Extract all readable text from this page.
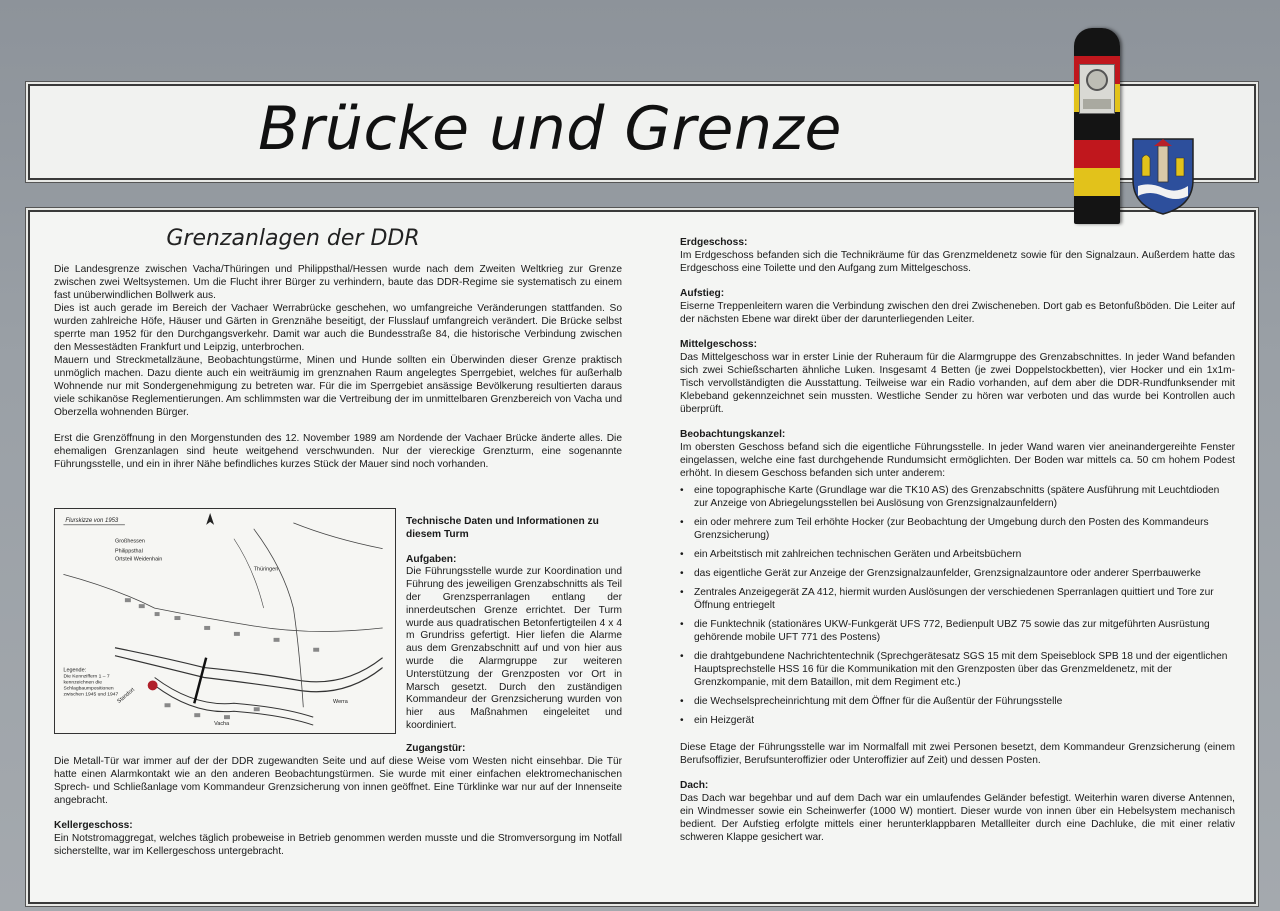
Brücke und Grenze
Grenzanlagen der DDR
Die Landesgrenze zwischen Vacha/Thüringen und Philippsthal/Hessen wurde nach dem Zweiten Weltkrieg zur Grenze zwischen zwei Weltsystemen. Um die Flucht ihrer Bürger zu verhindern, baute das DDR-Regime sie systematisch zu einem fast unüberwindlichen Bollwerk aus.
Dies ist auch gerade im Bereich der Vachaer Werrabrücke geschehen, wo umfangreiche Veränderungen stattfanden. So wurden zahlreiche Höfe, Häuser und Gärten in Grenznähe beseitigt, der Flusslauf umfangreich verändert. Die Brücke selbst sperrte man 1952 für den Durchgangsverkehr. Damit war auch die Bundesstraße 84, die historische Verbindung zwischen den Messestädten Frankfurt und Leipzig, unterbrochen.
Mauern und Streckmetallzäune, Beobachtungstürme, Minen und Hunde sollten ein Überwinden dieser Grenze praktisch unmöglich machen. Dazu diente auch ein weiträumig im grenznahen Raum angelegtes Sperrgebiet, welches für außerhalb Wohnende nur mit Sondergenehmigung zu betreten war. Für die im Sperrgebiet ansässige Bevölkerung resultierten daraus viele schikanöse Reglementierungen. Am schlimmsten war die Vertreibung der im unmittelbaren Grenzbereich von Vacha und Oberzella wohnenden Bürger.
Erst die Grenzöffnung in den Morgenstunden des 12. November 1989 am Nordende der Vachaer Brücke änderte alles. Die ehemaligen Grenzanlagen sind heute weitgehend verschwunden. Nur der viereckige Grenzturm, eine sogenannte Führungsstelle, und ein in ihrer Nähe befindliches kurzes Stück der Mauer sind noch vorhanden.
Flurskizze von 1953
Großhessen
Philippsthal
Ortsteil Weidenhain
Thüringen
Vacha
Werra
Standort
Legende:
Die Kennziffern 1 – 7 kennzeichnen die Schlagbaumpositionen zwischen 1945 und 1947
Technische Daten und Informationen zu diesem Turm
Aufgaben:
Die Führungsstelle wurde zur Koordination und Führung des jeweiligen Grenzabschnitts als Teil der Grenzsperranlagen entlang der innerdeutschen Grenze errichtet. Der Turm wurde aus quadratischen Betonfertigteilen 4 x 4 m Grundriss gefertigt. Hier liefen die Alarme aus dem Grenzabschnitt auf und von hier aus wurde die Alarmgruppe zur weiteren Unterstützung der Grenzposten vor Ort in Marsch gesetzt. Durch den zuständigen Kommandeur der Grenzsicherung wurden von hier aus Maßnahmen eingeleitet und koordiniert.
Zugangstür:
Die Metall-Tür war immer auf der der DDR zugewandten Seite und auf diese Weise vom Westen nicht einsehbar. Die Tür hatte einen Alarmkontakt wie an den anderen Beobachtungstürmen. Sie wurde mit einer einfachen elektromechanischen Sprech- und Schließanlage vom Kommandeur Grenzsicherung von innen geöffnet. Eine Türklinke war nur auf der Innenseite angebracht.
Kellergeschoss:
Ein Notstromaggregat, welches täglich probeweise in Betrieb genommen werden musste und die Stromversorgung im Notfall sicherstellte, war im Kellergeschoss untergebracht.
Erdgeschoss:
Im Erdgeschoss befanden sich die Technikräume für das Grenzmeldenetz sowie für den Signalzaun. Außerdem hatte das Erdgeschoss eine Toilette und den Aufgang zum Mittelgeschoss.
Aufstieg:
Eiserne Treppenleitern waren die Verbindung zwischen den drei Zwischeneben. Dort gab es Betonfußböden. Die Leiter auf der nächsten Ebene war direkt über der darunterliegenden Leiter.
Mittelgeschoss:
Das Mittelgeschoss war in erster Linie der Ruheraum für die Alarmgruppe des Grenzabschnittes. In jeder Wand befanden sich zwei Schießscharten ähnliche Luken. Insgesamt 4 Betten (je zwei Doppelstockbetten), vier Hocker und ein 1x1m-Tisch vervollständigten die Ausstattung. Teilweise war ein Radio vorhanden, auf dem aber die DDR-Rundfunksender mit Klebeband gekennzeichnet sein mussten. Westliche Sender zu hören war verboten und das wurde bei Kontrollen auch überprüft.
Beobachtungskanzel:
Im obersten Geschoss befand sich die eigentliche Führungsstelle. In jeder Wand waren vier aneinandergereihte Fenster eingelassen, welche eine fast durchgehende Rundumsicht ermöglichten. Der Boden war mittels ca. 50 cm hohem Podest erhöht. In diesem Geschoss befanden sich unter anderem:
• eine topographische Karte (Grundlage war die TK10 AS) des Grenzabschnitts (spätere Ausführung mit Leuchtdioden zur Anzeige von Abriegelungsstellen bei Auslösung von Grenzsignalzaunfeldern)
• ein oder mehrere zum Teil erhöhte Hocker (zur Beobachtung der Umgebung durch den Posten des Kommandeurs Grenzsicherung)
• ein Arbeitstisch mit zahlreichen technischen Geräten und Arbeitsbüchern
• das eigentliche Gerät zur Anzeige der Grenzsignalzaunfelder, Grenzsignalzauntore oder anderer Sperrbauwerke
• Zentrales Anzeigegerät ZA 412, hiermit wurden Auslösungen der verschiedenen Sperranlagen quittiert und Tore zur Öffnung entriegelt
• die Funktechnik (stationäres UKW-Funkgerät UFS 772, Bedienpult UBZ 75 sowie das zur mitgeführten Ausrüstung gehörende mobile UFT 771 des Postens)
• die drahtgebundene Nachrichtentechnik (Sprechgerätesatz SGS 15 mit dem Speiseblock SPB 18 und der eigentlichen Hauptsprechstelle HSS 16 für die Kommunikation mit den Grenzposten über das Grenzmeldenetz, mit der Grenzkompanie, mit dem Bataillon, mit dem Regiment etc.)
• die Wechselsprecheinrichtung mit dem Öffner für die Außentür der Führungsstelle
• ein Heizgerät
Diese Etage der Führungsstelle war im Normalfall mit zwei Personen besetzt, dem Kommandeur Grenzsicherung (einem Berufsoffizier, Berufsunteroffizier oder Unteroffizier auf Zeit) und dessen Posten.
Dach:
Das Dach war begehbar und auf dem Dach war ein umlaufendes Geländer befestigt. Weiterhin waren diverse Antennen, ein Windmesser sowie ein Scheinwerfer (1000 W) montiert. Dieser wurde von innen über ein Hebelsystem mechanisch bedient. Der Aufstieg erfolgte mittels einer herunterklappbaren Metallleiter durch eine Dachluke, die mit einer relativ schweren Klappe gesichert war.
